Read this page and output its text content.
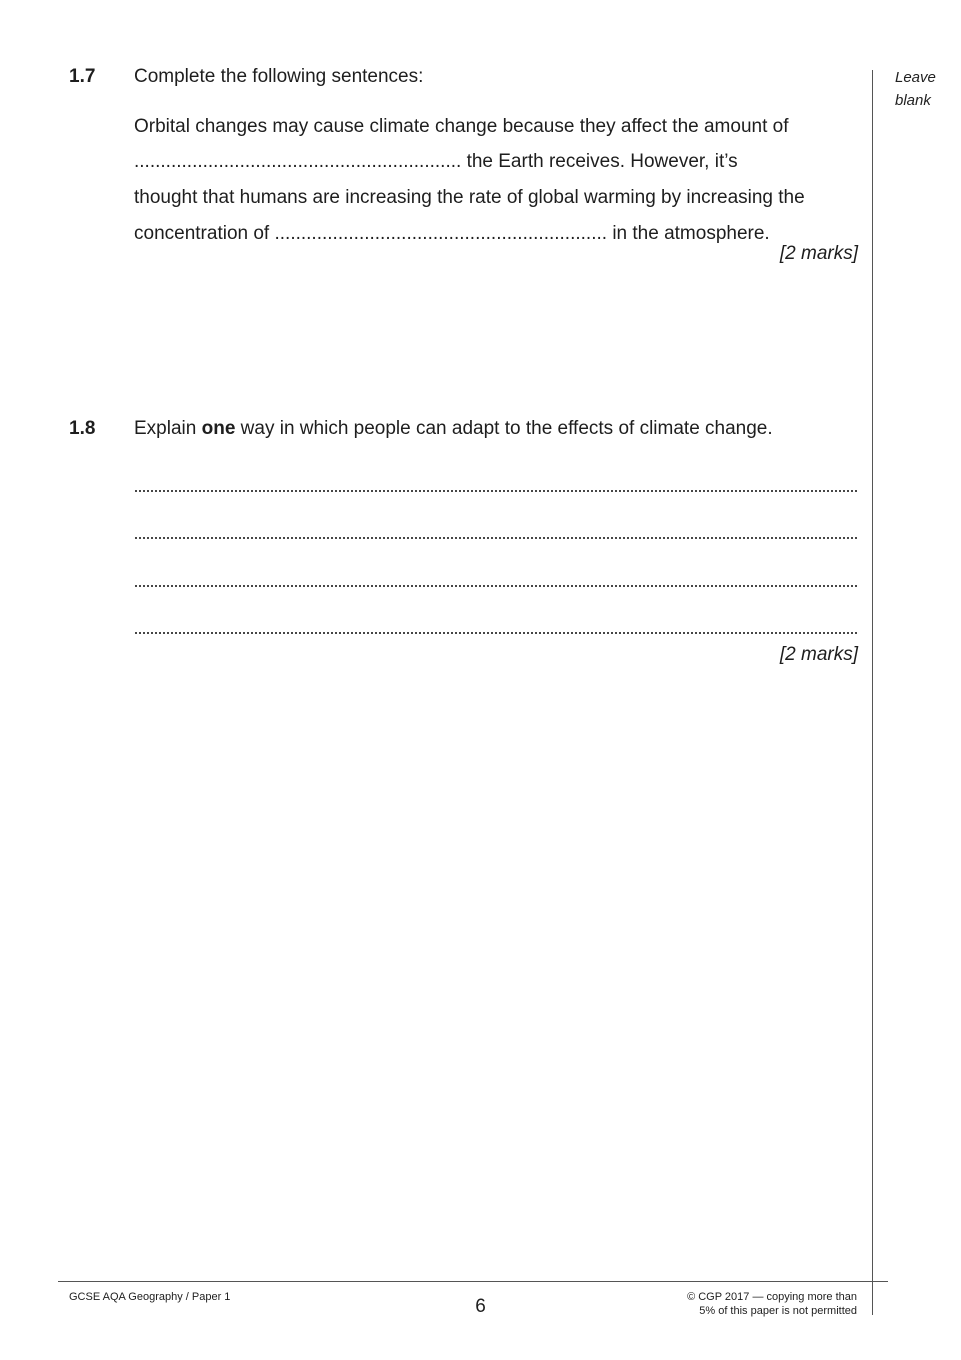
Leave
blank
1.7 Complete the following sentences:
Orbital changes may cause climate change because they affect the amount of
.............................................................. the Earth receives. However, it’s
thought that humans are increasing the rate of global warming by increasing the
concentration of ............................................................... in the atmosphere.
[2 marks]
1.8 Explain one way in which people can adapt to the effects of climate change.
[2 marks]
GCSE AQA Geography / Paper 1	6	© CGP 2017 — copying more than
5% of this paper is not permitted
